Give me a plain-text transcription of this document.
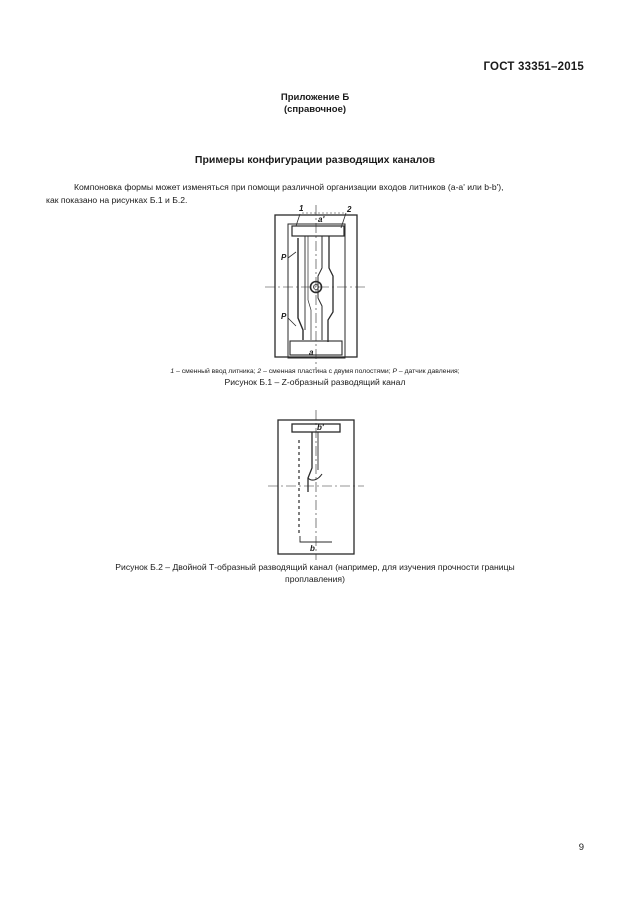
ГОСТ 33351–2015
Приложение Б
(справочное)
Примеры конфигурации разводящих каналов
Компоновка формы может изменяться при помощи различной организации входов литников (а-а' или b-b'),
как показано на рисунках Б.1 и Б.2.
1	2
a'
P
P
a
1 – сменный ввод литника; 2 – сменная пластина с двумя полостями; P – датчик давления;
Рисунок Б.1 – Z-образный разводящий канал
b'
b
Рисунок Б.2 – Двойной Т-образный разводящий канал (например, для изучения прочности границы
проплавления)
9
